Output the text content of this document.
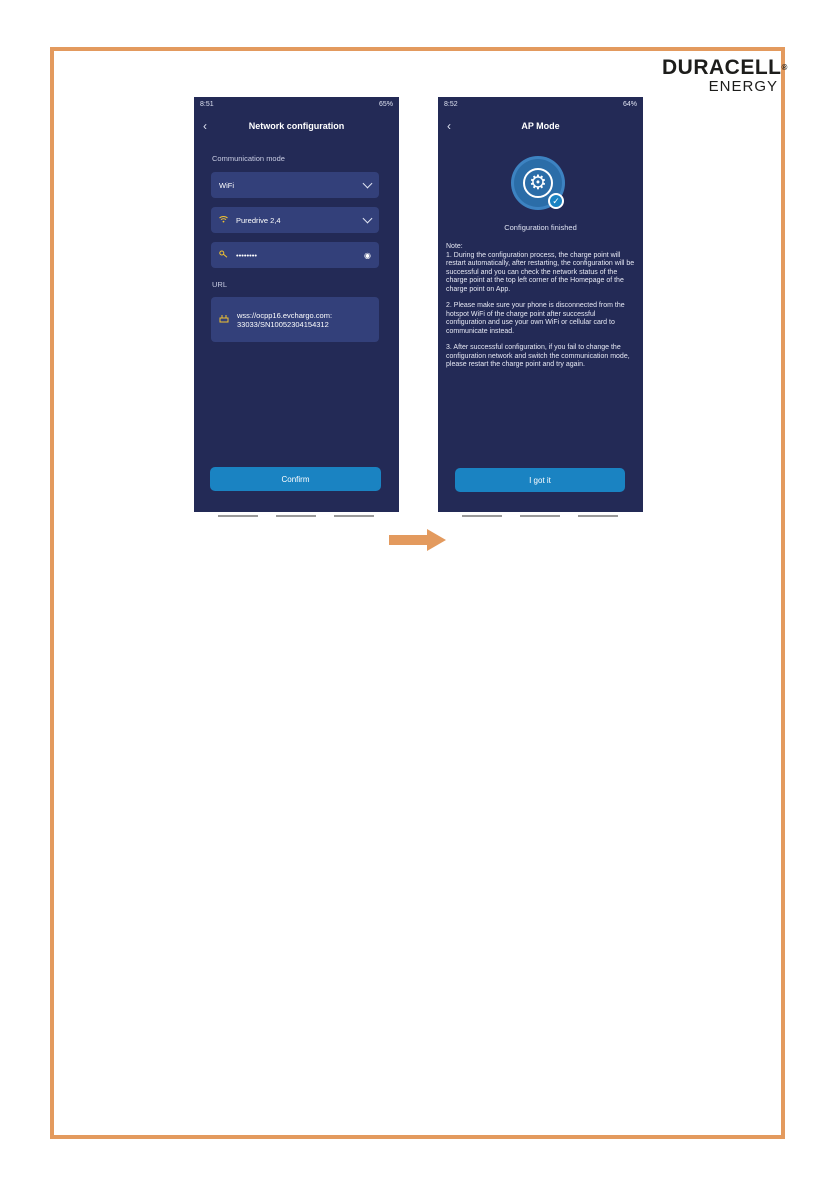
DURACELL®
ENERGY
8:51	65%
‹	Network configuration
Communication mode
WiFi
Puredrive 2,4
••••••••	◉
URL
wss://ocpp16.evchargo.com:
33033/SN10052304154312
Confirm
8:52	64%
‹	AP Mode
⚙
✓
Configuration finished
Note:

1. During the configuration process, the charge point will restart automatically, after restarting, the configuration will be successful and you can check the network status of the charge point at the top left corner of the Homepage of the charge point on App.

2. Please make sure your phone is disconnected from the hotspot WiFi of the charge point after successful configuration and use your own WiFi or cellular card to communicate instead.

3. After successful configuration, if you fail to change the configuration network and switch the communication mode, please restart the charge point and try again.

I got it
